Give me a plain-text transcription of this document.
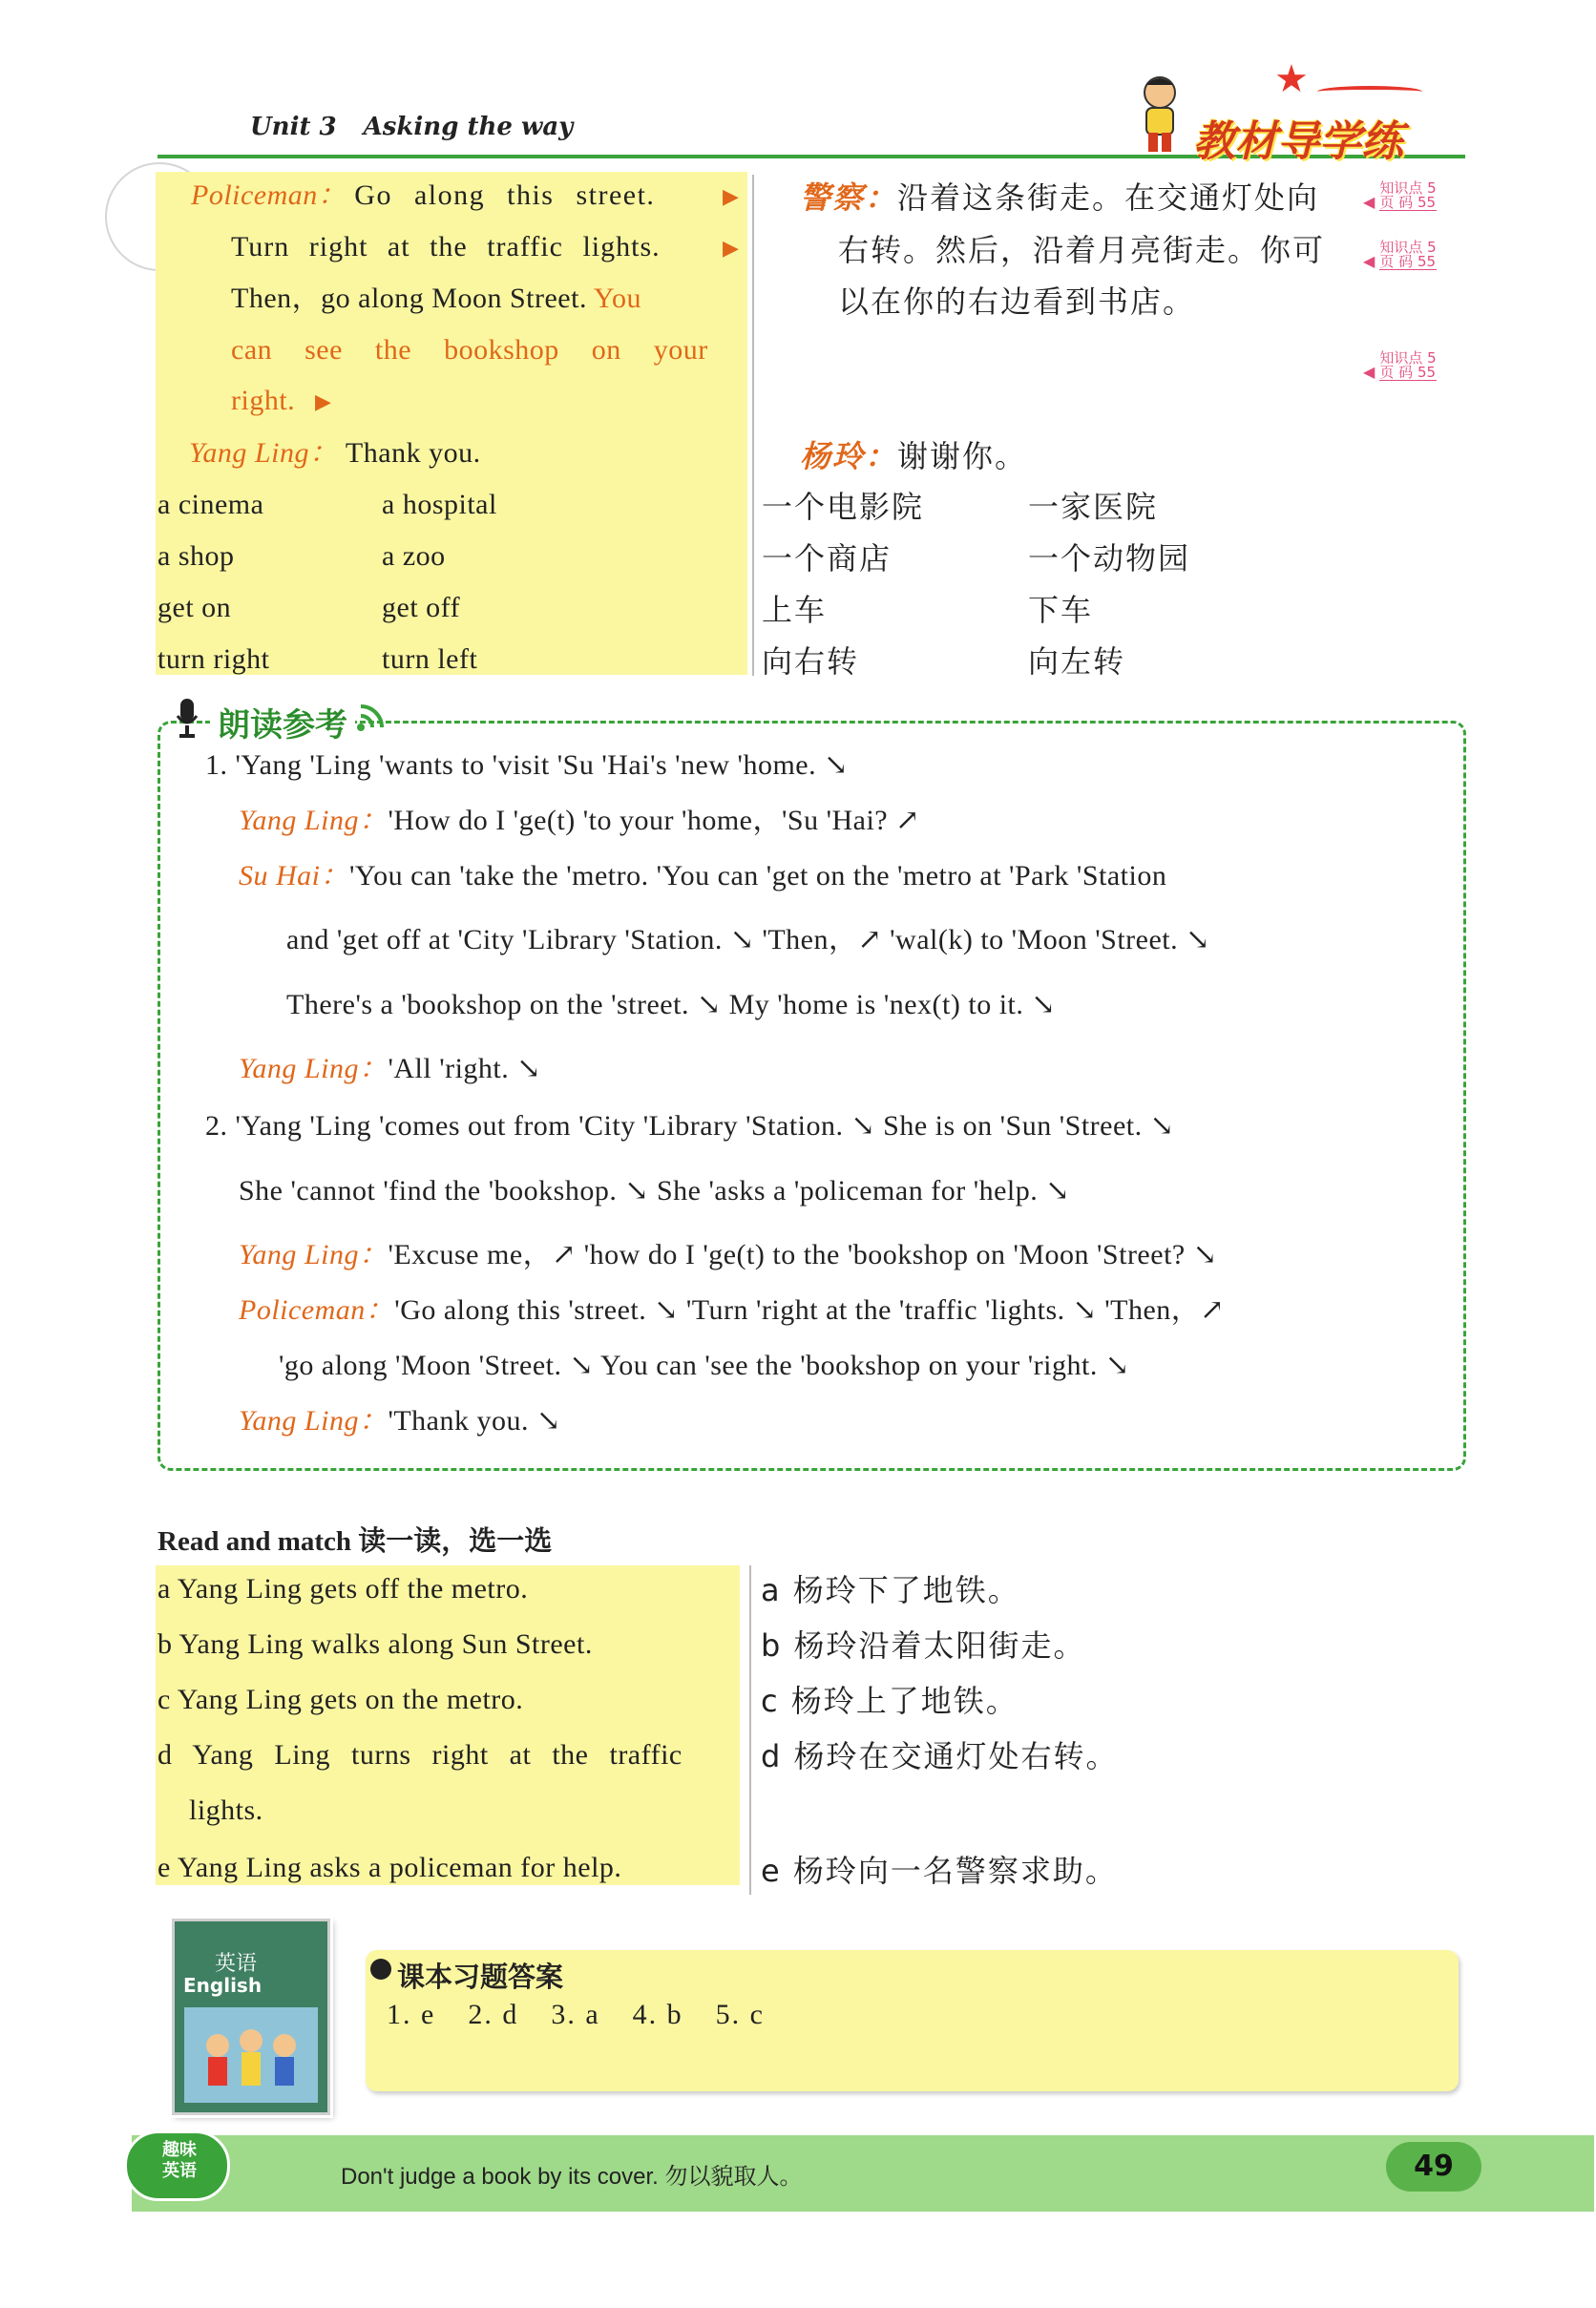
Unit 3 Asking the way
★
教材导学练
Policeman： Go along this street.	▶
Turn right at the traffic lights.	▶
Then，go along Moon Street. You
can see the bookshop on your
right. ▶
Yang Ling： Thank you.
警察：沿着这条街走。在交通灯处向
右转。然后，沿着月亮街走。你可
以在你的右边看到书店。
杨玲：谢谢你。
◀
知识点 5
页 码 55
◀
知识点 5
页 码 55
◀
知识点 5
页 码 55
a cinema	a hospital	一个电影院	一家医院
a shop	a zoo	一个商店	一个动物园
get on	get off	上车	下车
turn right	turn left	向右转	向左转
朗读参考
1. 'Yang 'Ling 'wants to 'visit 'Su 'Hai's 'new 'home. ↘
Yang Ling：'How do I 'ge(t) 'to your 'home，'Su 'Hai? ↗
Su Hai：'You can 'take the 'metro. 'You can 'get on the 'metro at 'Park 'Station
and 'get off at 'City 'Library 'Station. ↘ 'Then，↗ 'wal(k) to 'Moon 'Street. ↘
There's a 'bookshop on the 'street. ↘ My 'home is 'nex(t) to it. ↘
Yang Ling：'All 'right. ↘
2. 'Yang 'Ling 'comes out from 'City 'Library 'Station. ↘ She is on 'Sun 'Street. ↘
She 'cannot 'find the 'bookshop. ↘ She 'asks a 'policeman for 'help. ↘
Yang Ling：'Excuse me，↗ 'how do I 'ge(t) to the 'bookshop on 'Moon 'Street? ↘
Policeman：'Go along this 'street. ↘ 'Turn 'right at the 'traffic 'lights. ↘ 'Then，↗
'go along 'Moon 'Street. ↘ You can 'see the 'bookshop on your 'right. ↘
Yang Ling：'Thank you. ↘
Read and match 读一读，选一选
a Yang Ling gets off the metro.
b Yang Ling walks along Sun Street.
c Yang Ling gets on the metro.
d Yang Ling turns right at the traffic
lights.
e Yang Ling asks a policeman for help.
a 杨玲下了地铁。
b 杨玲沿着太阳街走。
c 杨玲上了地铁。
d 杨玲在交通灯处右转。
e 杨玲向一名警察求助。
英语
English	课本习题答案
1. e 2. d 3. a 4. b 5. c
趣味
英语	Don't judge a book by its cover. 勿以貌取人。	49
